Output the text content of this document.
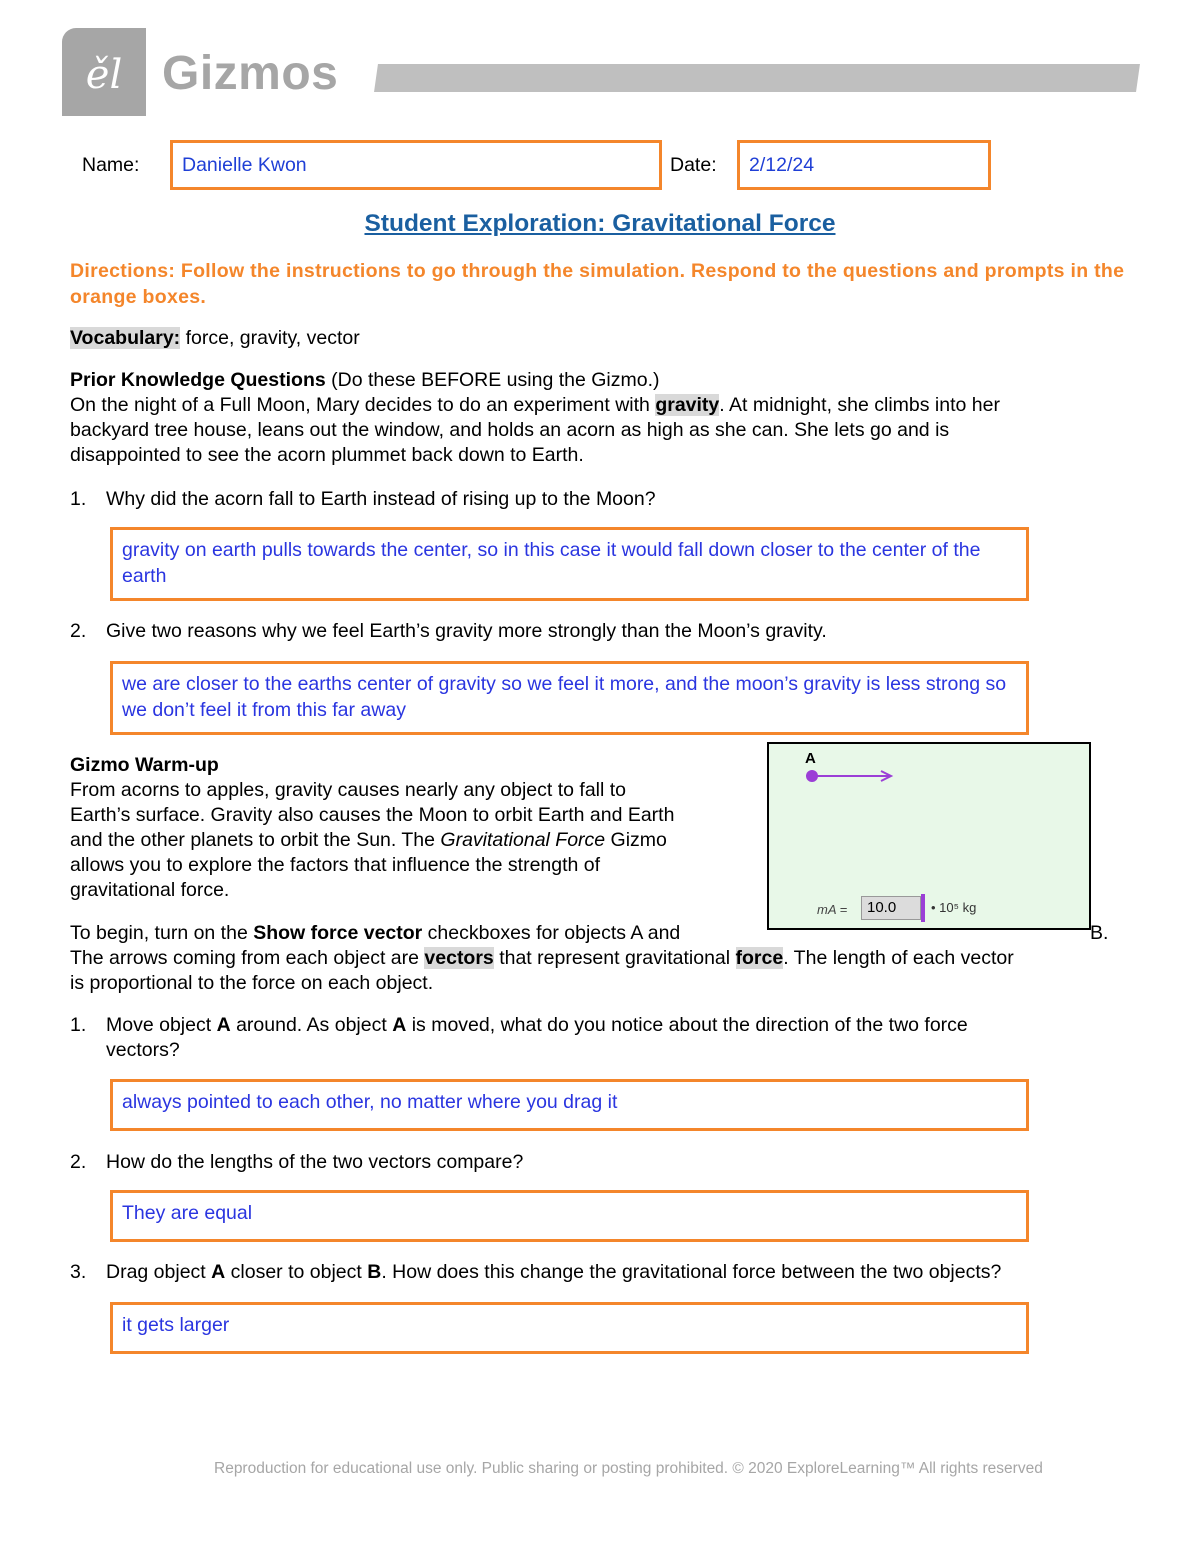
ěl Gizmos
Name:	Danielle Kwon	Date:	2/12/24
Student Exploration: Gravitational Force
Directions: Follow the instructions to go through the simulation. Respond to the questions and prompts in the orange boxes.
Vocabulary: force, gravity, vector
Prior Knowledge Questions (Do these BEFORE using the Gizmo.)
On the night of a Full Moon, Mary decides to do an experiment with gravity. At midnight, she climbs into her
backyard tree house, leans out the window, and holds an acorn as high as she can. She lets go and is
disappointed to see the acorn plummet back down to Earth.
1. Why did the acorn fall to Earth instead of rising up to the Moon?
gravity on earth pulls towards the center, so in this case it would fall down closer to the center of the earth
2. Give two reasons why we feel Earth’s gravity more strongly than the Moon’s gravity.
we are closer to the earths center of gravity so we feel it more, and the moon’s gravity is less strong so we don’t feel it from this far away
Gizmo Warm-up
From acorns to apples, gravity causes nearly any object to fall to
Earth’s surface. Gravity also causes the Moon to orbit Earth and Earth
and the other planets to orbit the Sun. The Gravitational Force Gizmo
allows you to explore the factors that influence the strength of
gravitational force.
A
mA =	10.0	• 10⁵ kg
To begin, turn on the Show force vector checkboxes for objects A and	B.
The arrows coming from each object are vectors that represent gravitational force. The length of each vector
is proportional to the force on each object.
1. Move object A around. As object A is moved, what do you notice about the direction of the two force
vectors?
always pointed to each other, no matter where you drag it
2. How do the lengths of the two vectors compare?
They are equal
3. Drag object A closer to object B. How does this change the gravitational force between the two objects?
it gets larger
Reproduction for educational use only. Public sharing or posting prohibited. © 2020 ExploreLearning™ All rights reserved
